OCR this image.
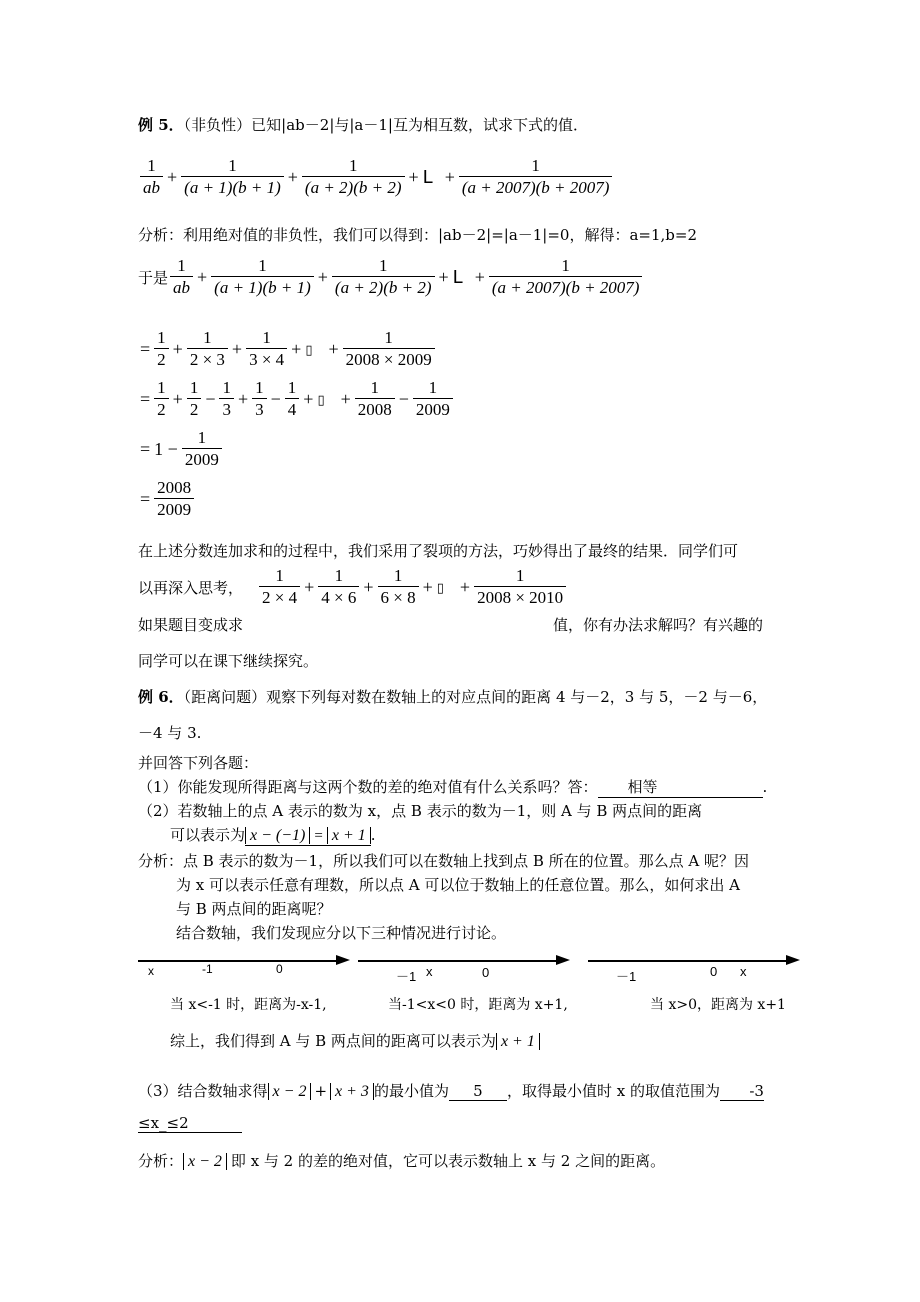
例 5．（非负性）已知|ab－2|与|a－1|互为相互数，试求下式的值．
$\frac{1}{ab} + \frac{1}{(a + 1)(b + 1)} + \frac{1}{(a + 2)(b + 2)} + L + \frac{1}{(a + 2007)(b + 2007)}$
分析：利用绝对值的非负性，我们可以得到：|ab－2|=|a－1|=0，解得：a=1,b=2
于是 $\frac{1}{ab} + \frac{1}{(a + 1)(b + 1)} + \frac{1}{(a + 2)(b + 2)} + L + \frac{1}{(a + 2007)(b + 2007)}$
= $\frac{1}{2} + \frac{1}{2 \times 3} + \frac{1}{3 \times 4}$ + ▯ + $\frac{1}{2008 \times 2009}$
= $\frac{1}{2} + \frac{1}{2} - \frac{1}{3} + \frac{1}{3} - \frac{1}{4}$ + ▯ + $\frac{1}{2008} - \frac{1}{2009}$
= $1 - \frac{1}{2009}$
= $\frac{2008}{2009}$
在上述分数连加求和的过程中，我们采用了裂项的方法，巧妙得出了最终的结果．同学们可
以再深入思考， $\frac{1}{2 \times 4} + \frac{1}{4 \times 6} + \frac{1}{6 \times 8}$ + ▯ + $\frac{1}{2008 \times 2010}$
如果题目变成求	值，你有办法求解吗？有兴趣的
同学可以在课下继续探究。
例 6．（距离问题）观察下列每对数在数轴上的对应点间的距离 4 与－2，3 与 5，－2 与－6，
－4 与 3.
并回答下列各题：
（1）你能发现所得距离与这两个数的差的绝对值有什么关系吗？答： 相等	.
（2）若数轴上的点 A 表示的数为 x，点 B 表示的数为－1，则 A 与 B 两点间的距离
可以表示为 x − (−1) = x + 1 .
分析：点 B 表示的数为－1，所以我们可以在数轴上找到点 B 所在的位置。那么点 A 呢？因
为 x 可以表示任意有理数，所以点 A 可以位于数轴上的任意位置。那么，如何求出 A
与 B 两点间的距离呢？
结合数轴，我们发现应分以下三种情况进行讨论。
x	-1	0	－1 x	0	－1	0 x
当 x<-1 时，距离为-x-1,	当-1<x<0 时，距离为 x+1,	当 x>0，距离为 x+1
综上，我们得到 A 与 B 两点间的距离可以表示为 x + 1
（3）结合数轴求得 x − 2 + x + 3 的最小值为 5 ，取得最小值时 x 的取值范围为 -3
≤x_≤2
分析： x − 2 即 x 与 2 的差的绝对值，它可以表示数轴上 x 与 2 之间的距离。
